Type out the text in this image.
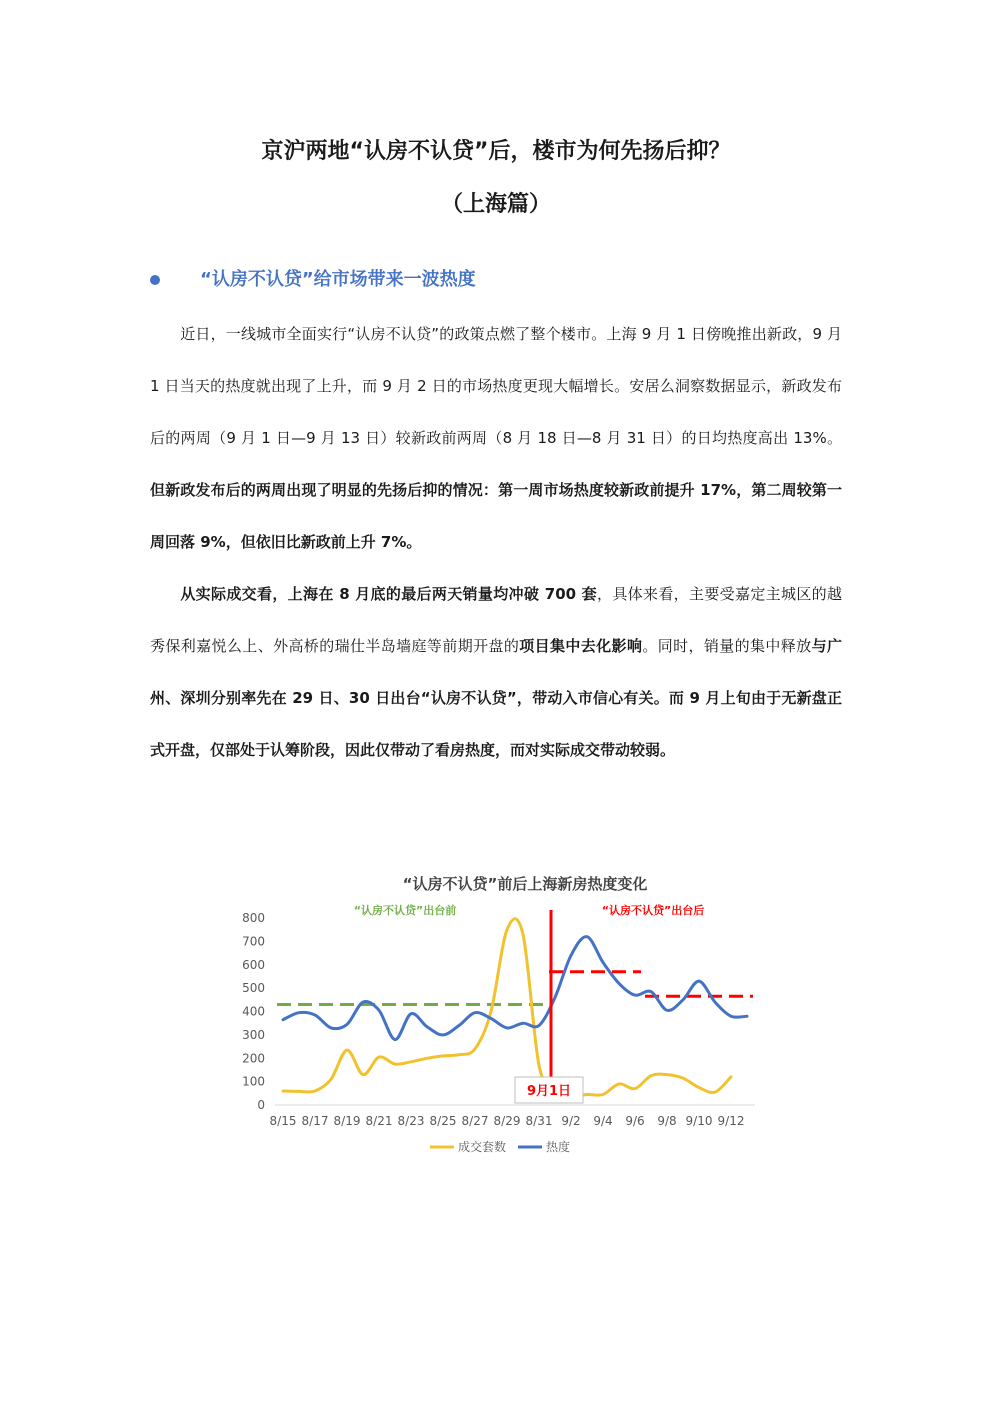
京沪两地“认房不认贷”后，楼市为何先扬后抑？
（上海篇）
“认房不认贷”给市场带来一波热度

近日，一线城市全面实行“认房不认贷”的政策点燃了整个楼市。上海 9 月 1 日傍晚推出新政，9 月 1 日当天的热度就出现了上升，而 9 月 2 日的市场热度更现大幅增长。安居么洞察数据显示，新政发布后的两周（9 月 1 日—9 月 13 日）较新政前两周（8 月 18 日—8 月 31 日）的日均热度高出 13%。但新政发布后的两周出现了明显的先扬后抑的情况：第一周市场热度较新政前提升 17%，第二周较第一周回落 9%，但依旧比新政前上升 7%。

从实际成交看，上海在 8 月底的最后两天销量均冲破 700 套，具体来看，主要受嘉定主城区的越秀保利嘉悦么上、外高桥的瑞仕半岛墙庭等前期开盘的项目集中去化影响。同时，销量的集中释放与广州、深圳分别率先在 29 日、30 日出台“认房不认贷”，带动入市信心有关。而 9 月上旬由于无新盘正式开盘，仅部处于认筹阶段，因此仅带动了看房热度，而对实际成交带动较弱。

“认房不认贷”前后上海新房热度变化
“认房不认贷”出台前	“认房不认贷”出台后
0
100
200
300
400
500
600
700
800
8/15 8/17 8/19 8/21 8/23 8/25 8/27 8/29 8/31 9/2 9/4 9/6 9/8 9/10 9/12
9月1日
成交套数	热度
